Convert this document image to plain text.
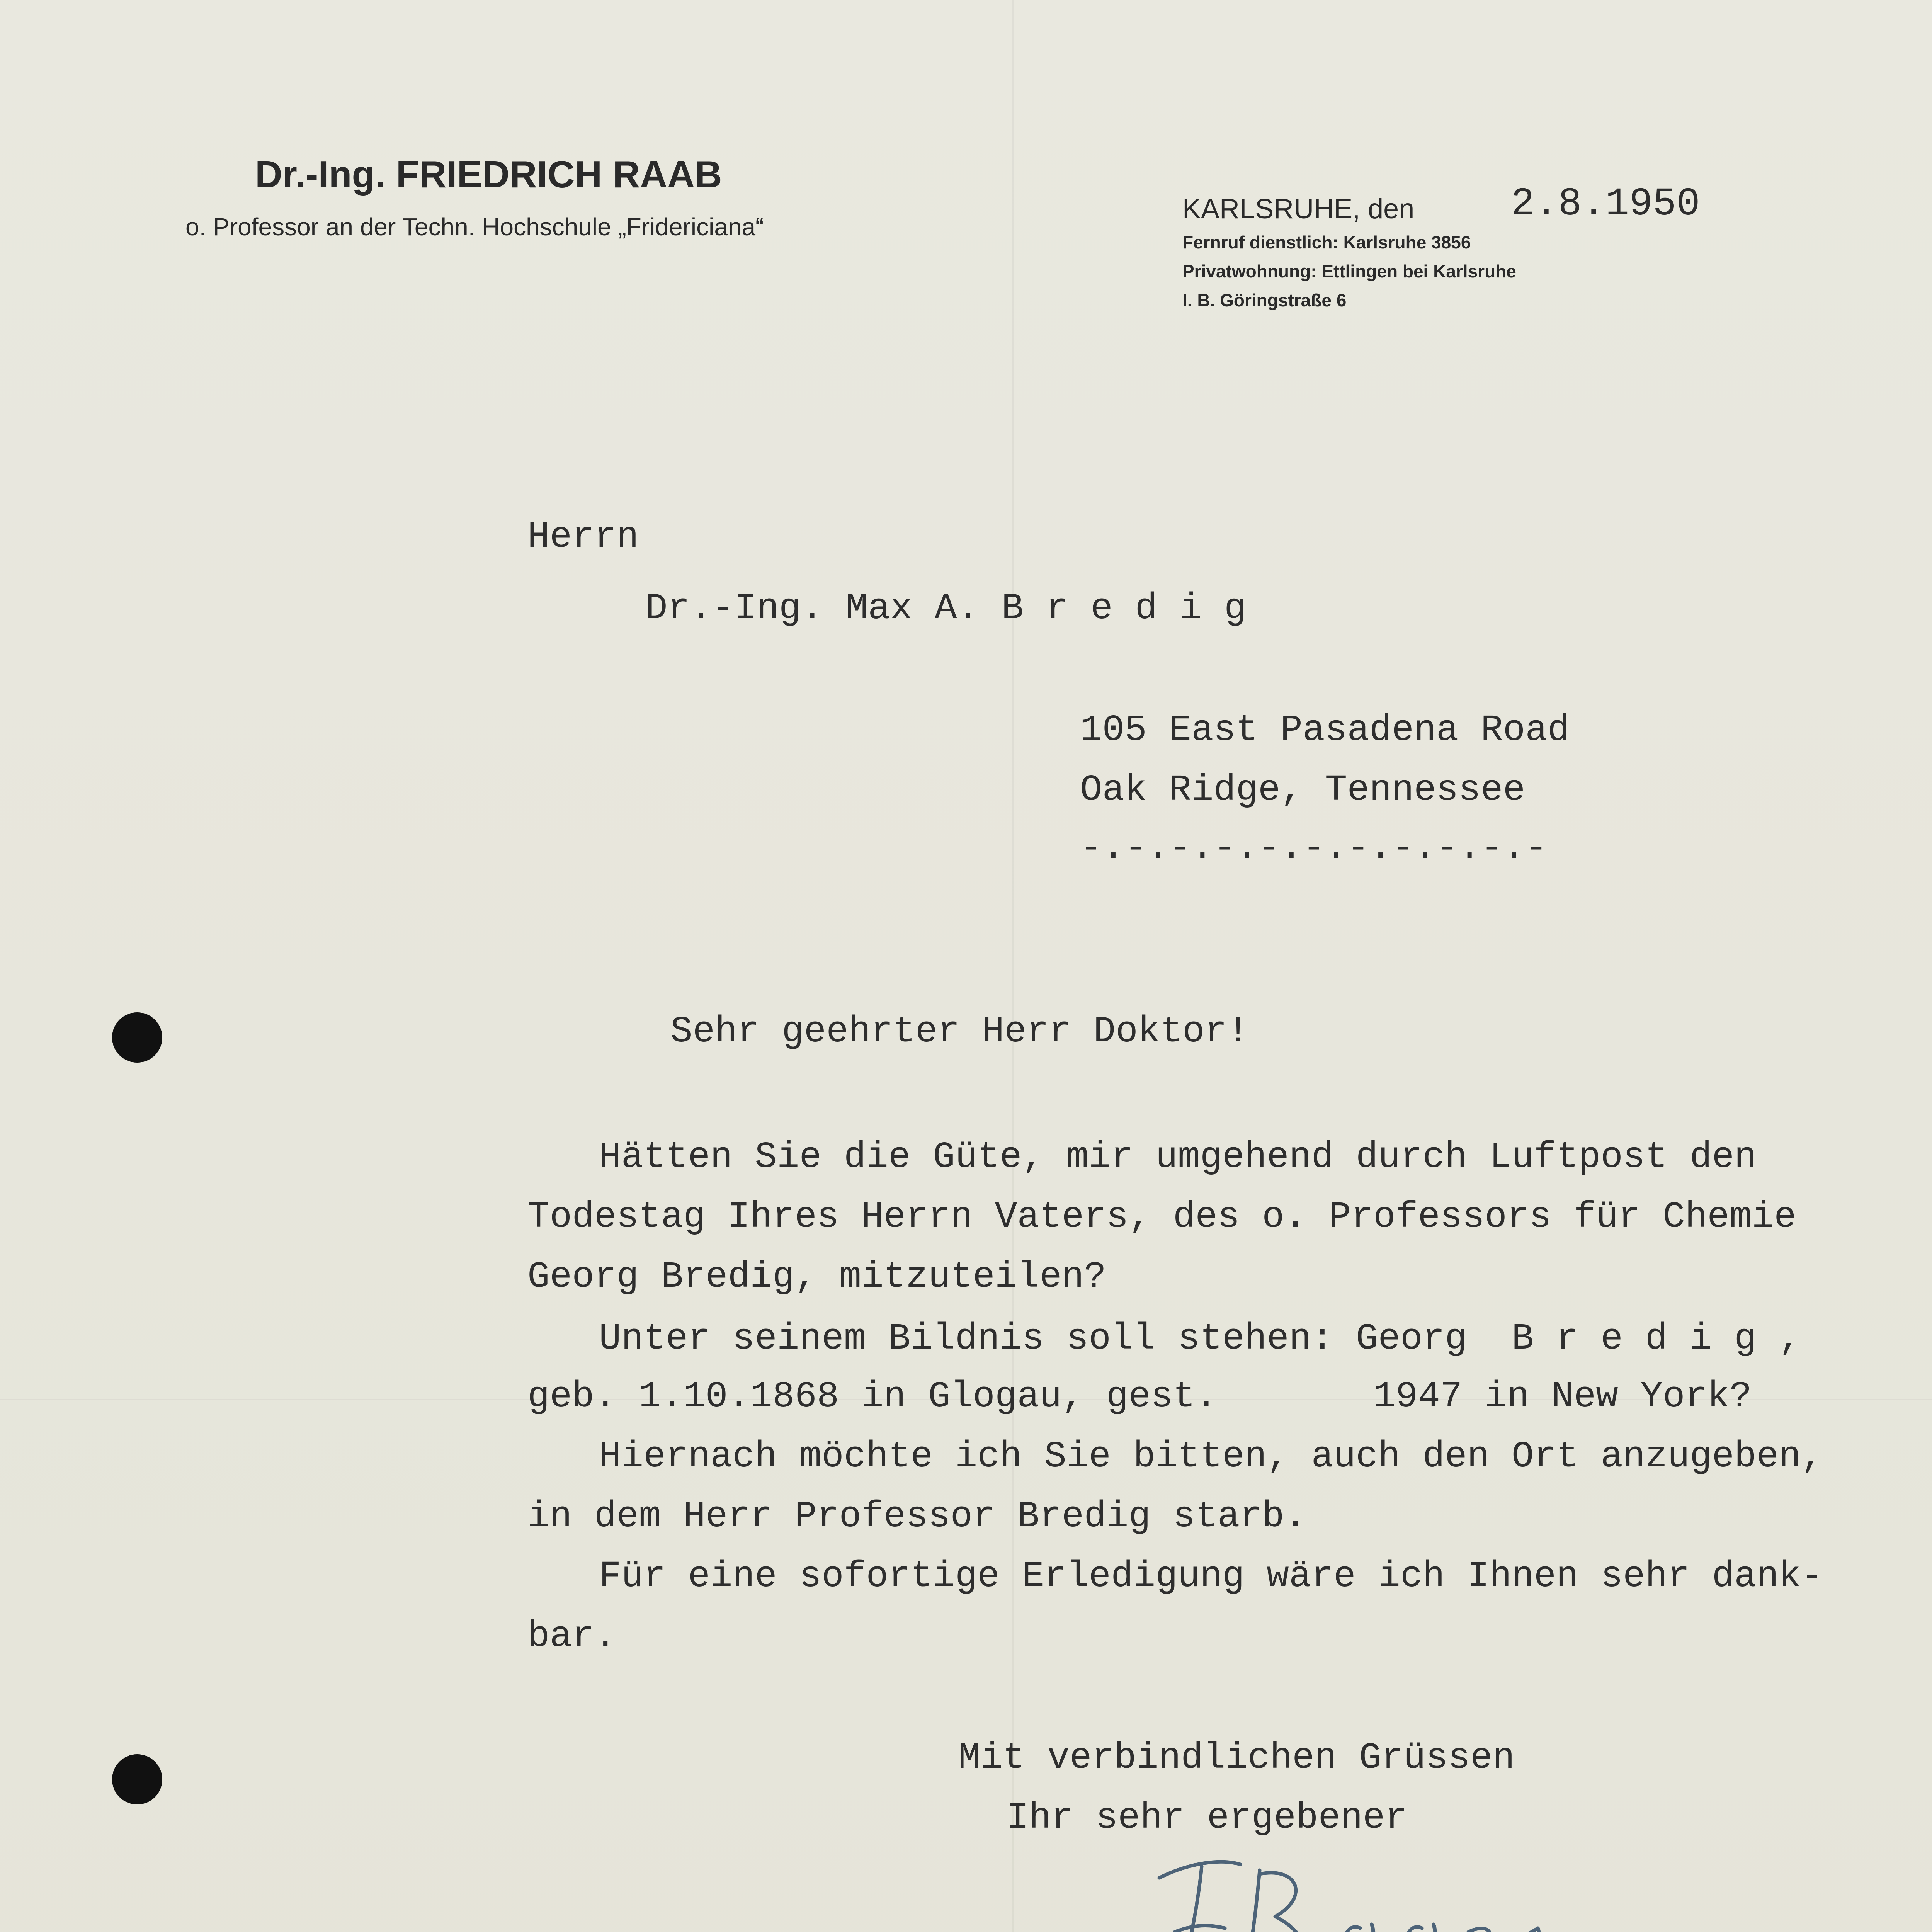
Dr.-Ing. FRIEDRICH RAAB
o. Professor an der Techn. Hochschule „Fridericiana“
KARLSRUHE, den 2.8.1950
Fernruf dienstlich: Karlsruhe 3856
Privatwohnung: Ettlingen bei Karlsruhe
I. B. Göringstraße 6
Herrn
Dr.-Ing. Max A. B r e d i g
105 East Pasadena Road
Oak Ridge, Tennessee
-.-.-.-.-.-.-.-.-.-.-
Sehr geehrter Herr Doktor!
Hätten Sie die Güte, mir umgehend durch Luftpost den
Todestag Ihres Herrn Vaters, des o. Professors für Chemie
Georg Bredig, mitzuteilen?
Unter seinem Bildnis soll stehen: Georg  B r e d i g ,
geb. 1.10.1868 in Glogau, gest.       1947 in New York?
Hiernach möchte ich Sie bitten, auch den Ort anzugeben,
in dem Herr Professor Bredig starb.
Für eine sofortige Erledigung wäre ich Ihnen sehr dank-
bar.
Mit verbindlichen Grüssen
Ihr sehr ergebener
